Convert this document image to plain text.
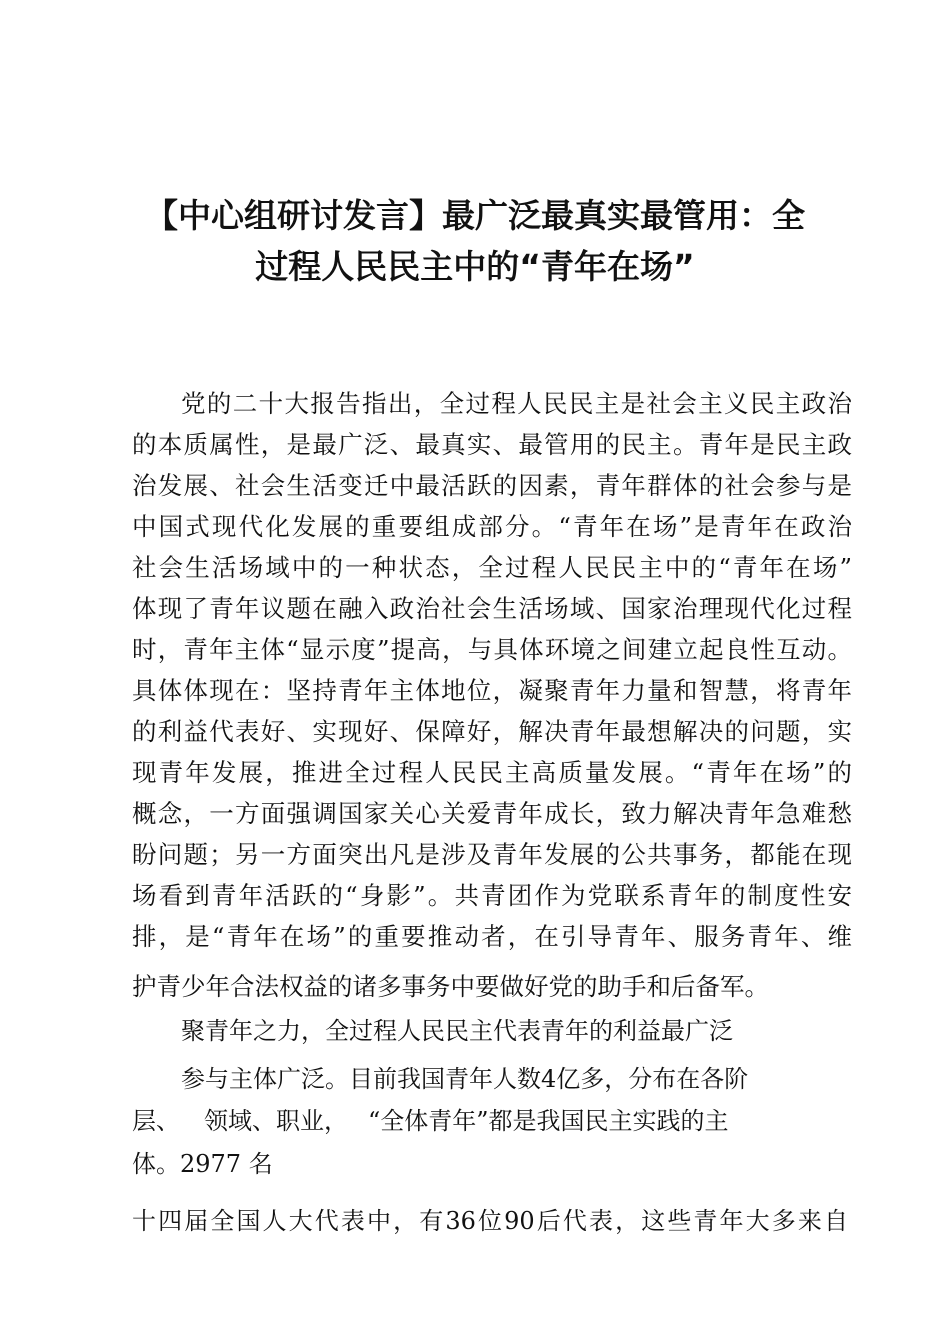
【中心组研讨发言】最广泛最真实最管用：全
过程人民民主中的“青年在场”
党的二十大报告指出，全过程人民民主是社会主义民主政治
的本质属性，是最广泛、最真实、最管用的民主。青年是民主政
治发展、社会生活变迁中最活跃的因素，青年群体的社会参与是
中国式现代化发展的重要组成部分。“青年在场”是青年在政治
社会生活场域中的一种状态，全过程人民民主中的“青年在场”
体现了青年议题在融入政治社会生活场域、国家治理现代化过程
时，青年主体“显示度”提高，与具体环境之间建立起良性互动。
具体体现在：坚持青年主体地位，凝聚青年力量和智慧，将青年
的利益代表好、实现好、保障好，解决青年最想解决的问题，实
现青年发展，推进全过程人民民主高质量发展。“青年在场”的
概念，一方面强调国家关心关爱青年成长，致力解决青年急难愁
盼问题；另一方面突出凡是涉及青年发展的公共事务，都能在现
场看到青年活跃的“身影”。共青团作为党联系青年的制度性安
排，是“青年在场”的重要推动者，在引导青年、服务青年、维
护青少年合法权益的诸多事务中要做好党的助手和后备军。
聚青年之力，全过程人民民主代表青年的利益最广泛
参与主体广泛。目前我国青年人数4亿多，分布在各阶
层、 领域、职业， “全体青年”都是我国民主实践的主
体。2977 名
十四届全国人大代表中，有36位90后代表，这些青年大多来自
